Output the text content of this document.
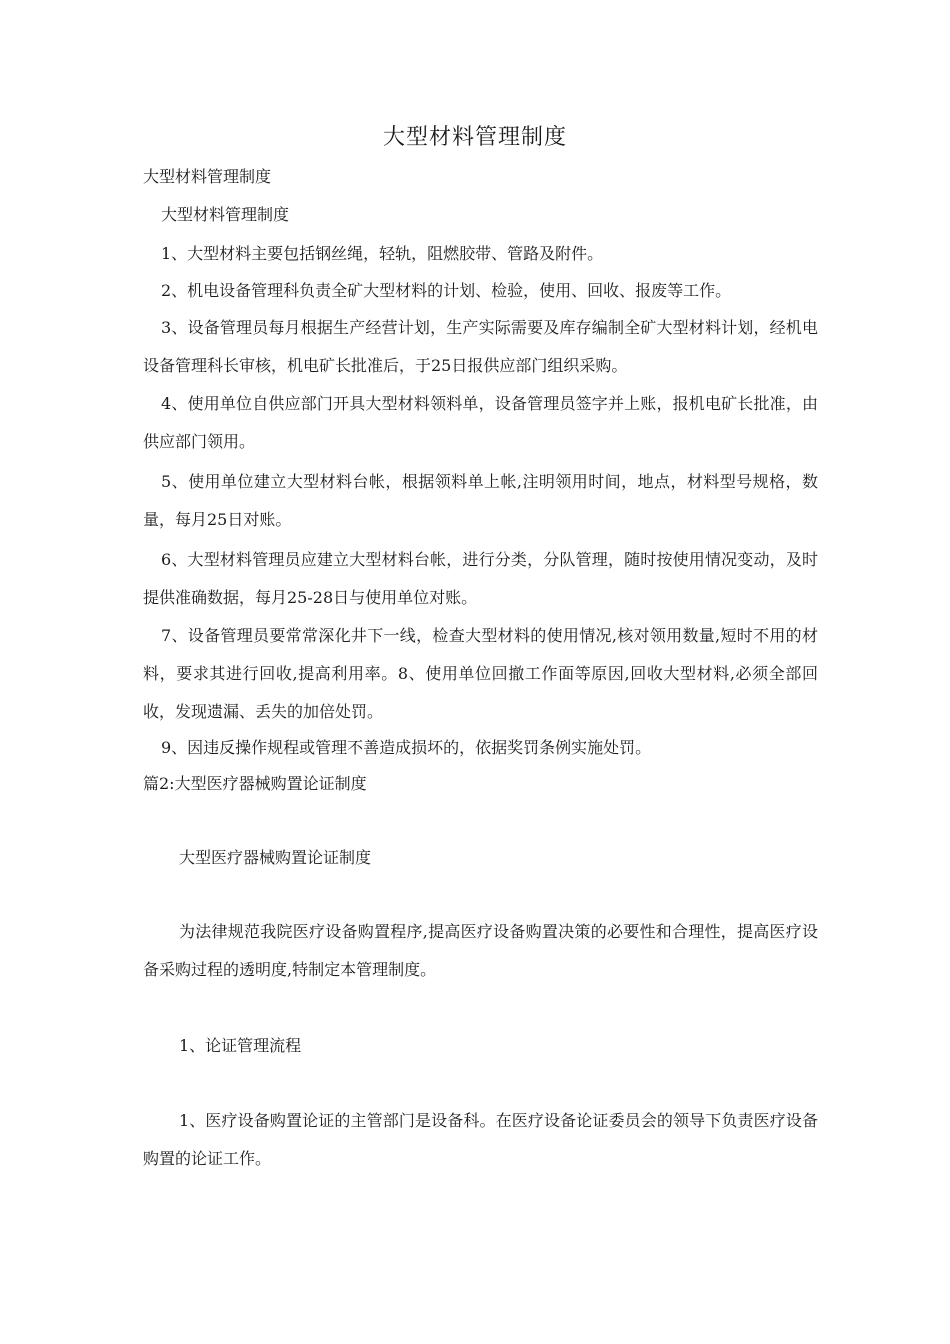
大型材料管理制度
大型材料管理制度
大型材料管理制度
1、大型材料主要包括钢丝绳，轻轨，阻燃胶带、管路及附件。
2、机电设备管理科负责全矿大型材料的计划、检验，使用、回收、报废等工作。
3、设备管理员每月根据生产经营计划，生产实际需要及库存编制全矿大型材料计划，经机电设备管理科长审核，机电矿长批准后，于25日报供应部门组织采购。
4、使用单位自供应部门开具大型材料领料单，设备管理员签字并上账，报机电矿长批准，由供应部门领用。
5、使用单位建立大型材料台帐，根据领料单上帐,注明领用时间，地点，材料型号规格，数量，每月25日对账。
6、大型材料管理员应建立大型材料台帐，进行分类，分队管理，随时按使用情况变动，及时提供准确数据，每月25-28日与使用单位对账。
7、设备管理员要常常深化井下一线，检查大型材料的使用情况,核对领用数量,短时不用的材料，要求其进行回收,提高利用率。8、使用单位回撤工作面等原因,回收大型材料,必须全部回收，发现遗漏、丢失的加倍处罚。
9、因违反操作规程或管理不善造成损坏的，依据奖罚条例实施处罚。
篇2:大型医疗器械购置论证制度
大型医疗器械购置论证制度
为法律规范我院医疗设备购置程序,提高医疗设备购置决策的必要性和合理性，提高医疗设备采购过程的透明度,特制定本管理制度。
1、论证管理流程
1、医疗设备购置论证的主管部门是设备科。在医疗设备论证委员会的领导下负责医疗设备购置的论证工作。
